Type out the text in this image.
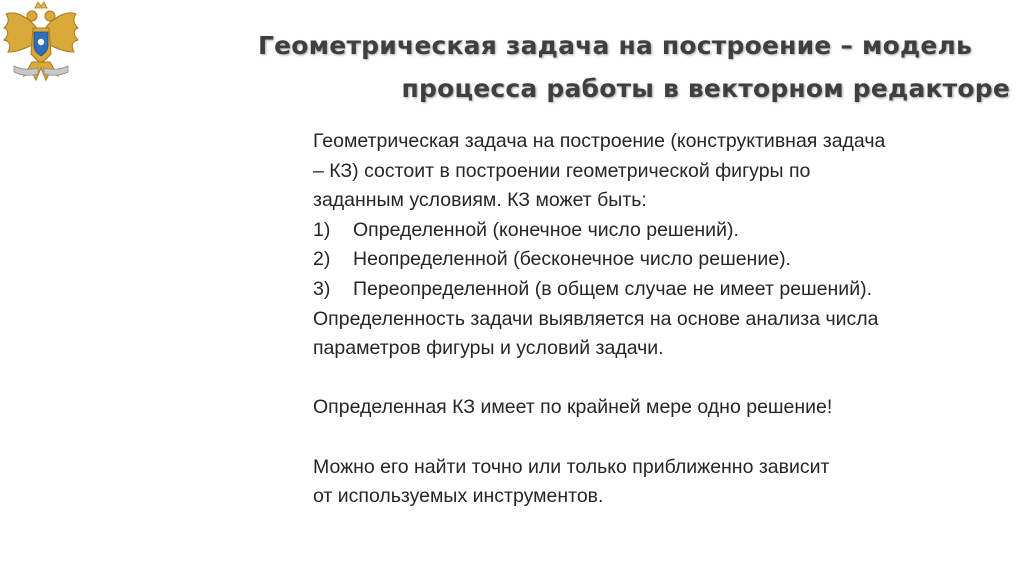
Геометрическая задача на построение – модель
процесса работы в векторном редакторе

Геометрическая задача на построение (конструктивная задача

– КЗ) состоит в построении геометрической фигуры по

заданным условиям. КЗ может быть:

1)	Определенной (конечное число решений).
2)	Неопределенной (бесконечное число решение).
3)	Переопределенной (в общем случае не имеет решений).

Определенность задачи выявляется на основе анализа числа

параметров фигуры и условий задачи.

Определенная КЗ имеет по крайней мере одно решение!

Можно его найти точно или только приближенно зависит

от используемых инструментов.
